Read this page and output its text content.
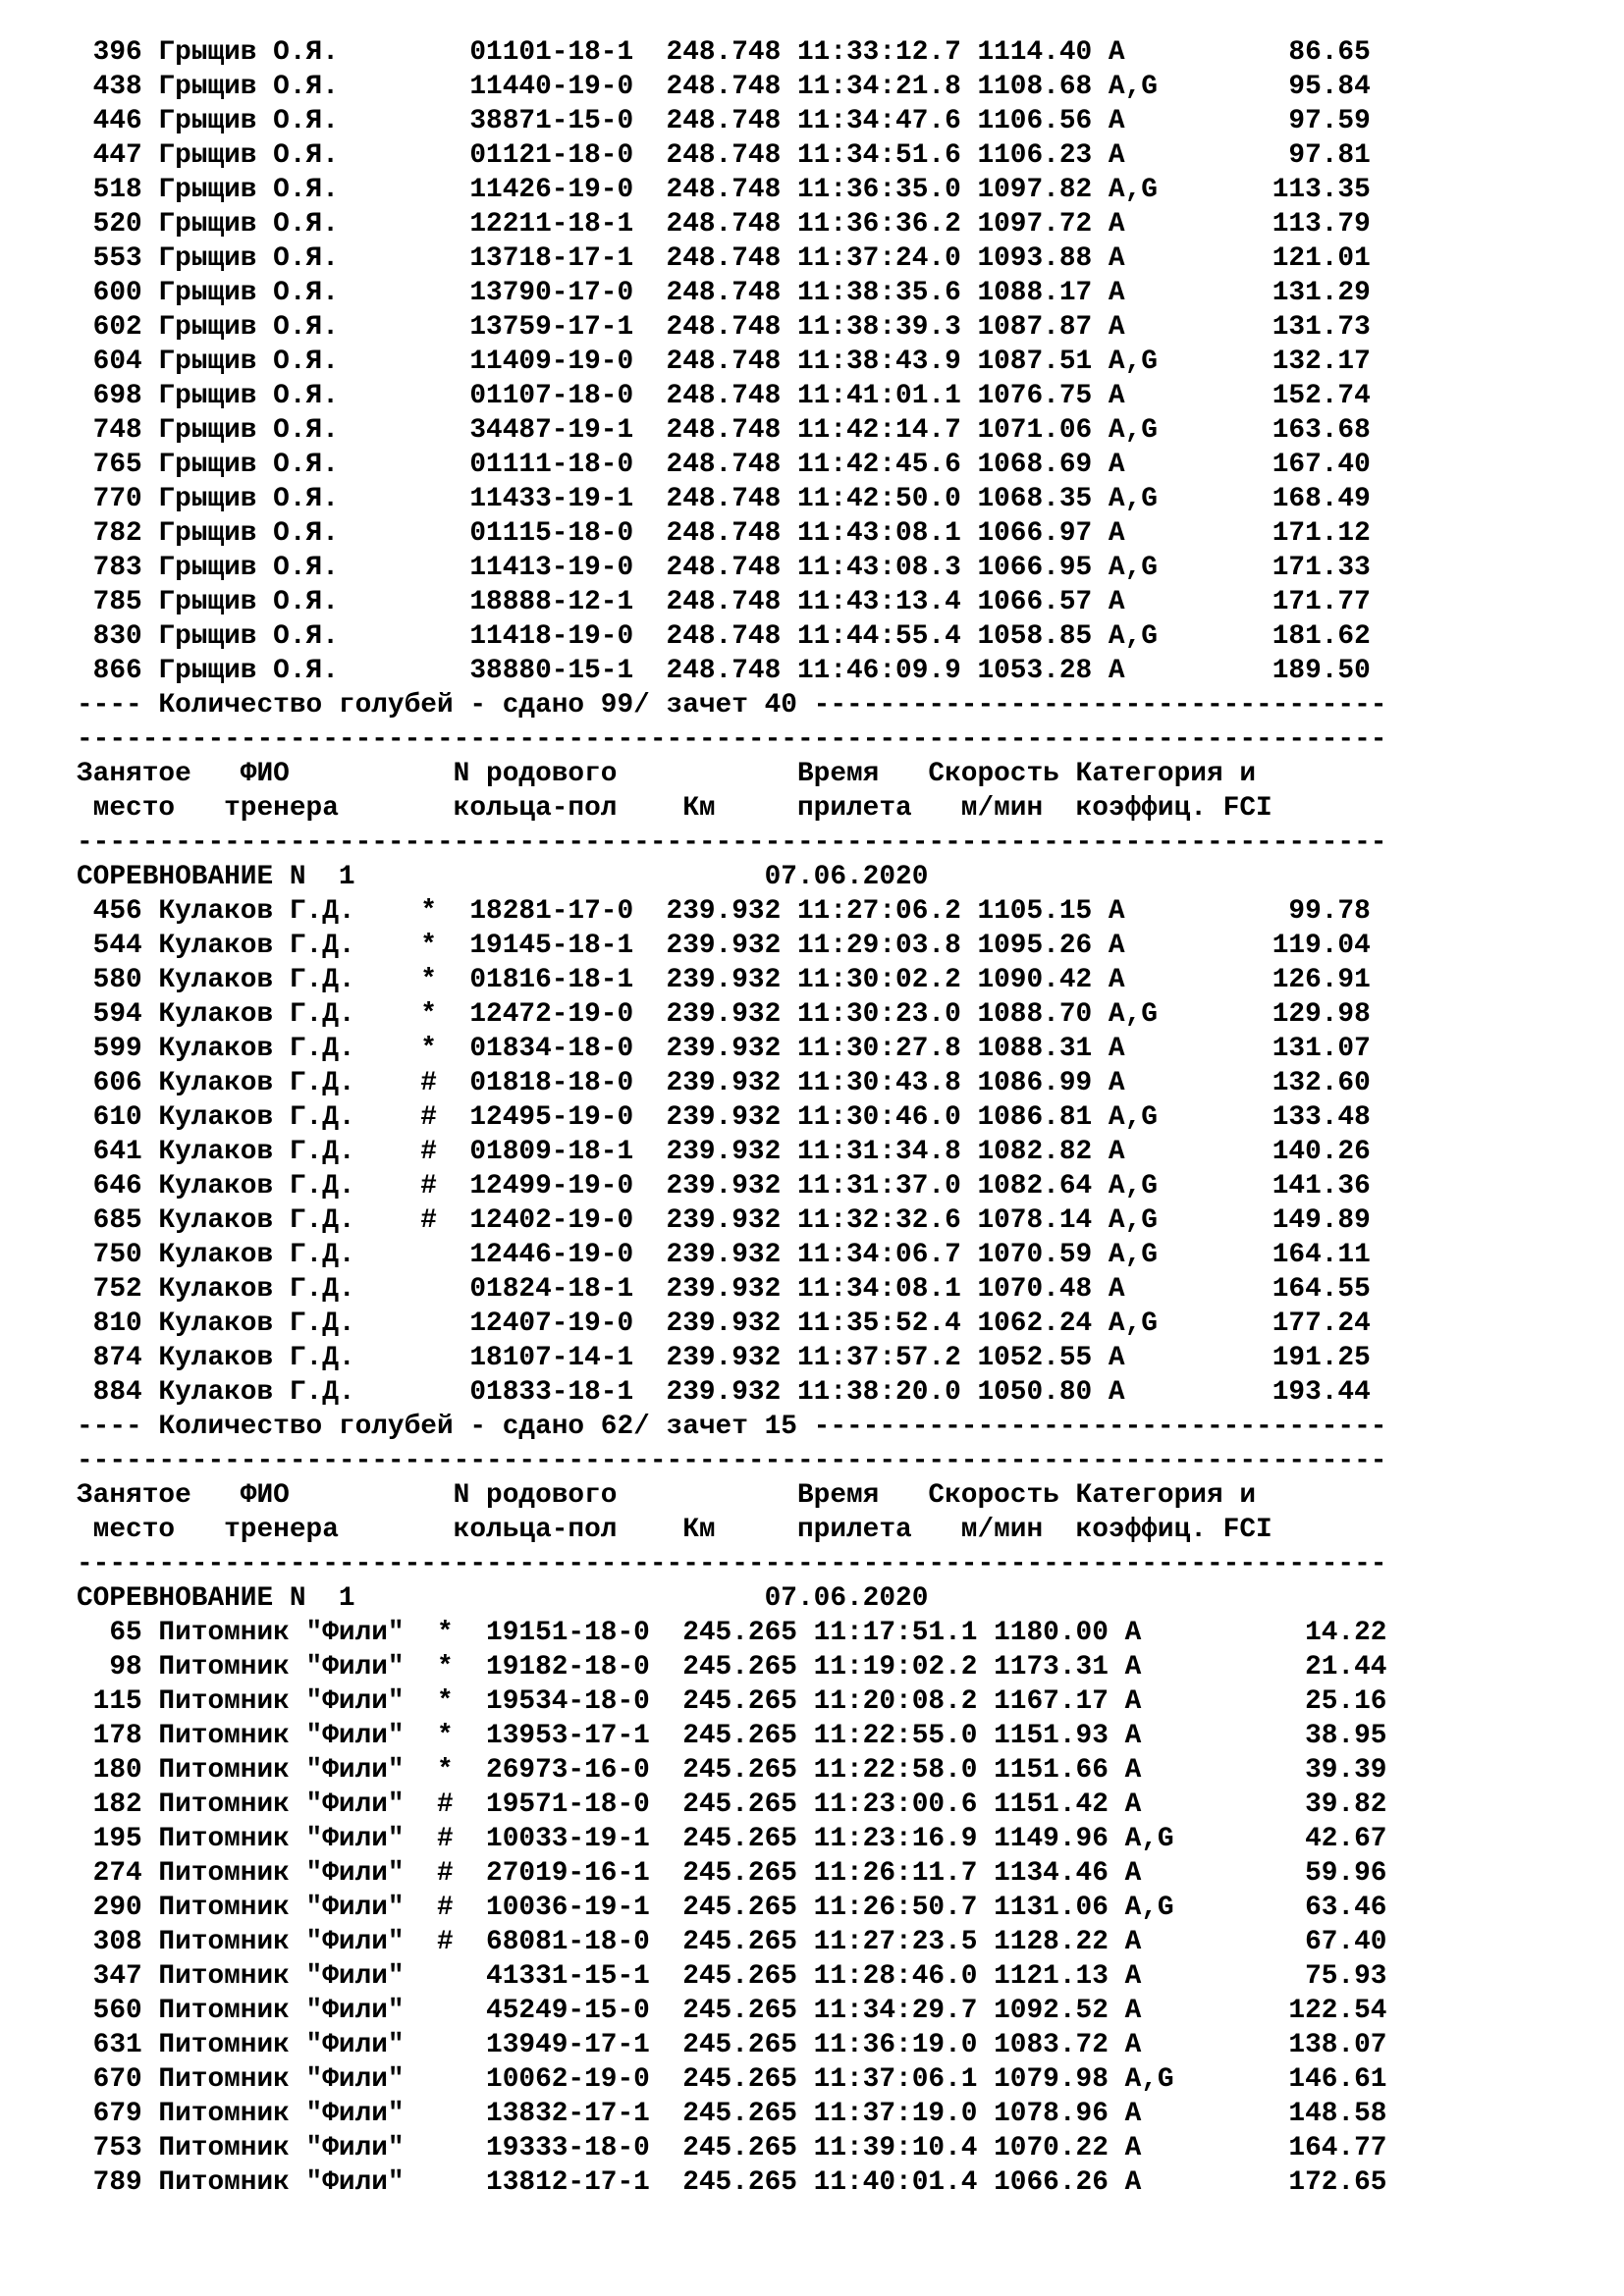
396 Грыщив О.Я.        01101-18-1  248.748 11:33:12.7 1114.40 A          86.65
438 Грыщив О.Я.        11440-19-0  248.748 11:34:21.8 1108.68 A,G        95.84
446 Грыщив О.Я.        38871-15-0  248.748 11:34:47.6 1106.56 A          97.59
447 Грыщив О.Я.        01121-18-0  248.748 11:34:51.6 1106.23 A          97.81
518 Грыщив О.Я.        11426-19-0  248.748 11:36:35.0 1097.82 A,G       113.35
520 Грыщив О.Я.        12211-18-1  248.748 11:36:36.2 1097.72 A         113.79
553 Грыщив О.Я.        13718-17-1  248.748 11:37:24.0 1093.88 A         121.01
600 Грыщив О.Я.        13790-17-0  248.748 11:38:35.6 1088.17 A         131.29
602 Грыщив О.Я.        13759-17-1  248.748 11:38:39.3 1087.87 A         131.73
604 Грыщив О.Я.        11409-19-0  248.748 11:38:43.9 1087.51 A,G       132.17
698 Грыщив О.Я.        01107-18-0  248.748 11:41:01.1 1076.75 A         152.74
748 Грыщив О.Я.        34487-19-1  248.748 11:42:14.7 1071.06 A,G       163.68
765 Грыщив О.Я.        01111-18-0  248.748 11:42:45.6 1068.69 A         167.40
770 Грыщив О.Я.        11433-19-1  248.748 11:42:50.0 1068.35 A,G       168.49
782 Грыщив О.Я.        01115-18-0  248.748 11:43:08.1 1066.97 A         171.12
783 Грыщив О.Я.        11413-19-0  248.748 11:43:08.3 1066.95 A,G       171.33
785 Грыщив О.Я.        18888-12-1  248.748 11:43:13.4 1066.57 A         171.77
830 Грыщив О.Я.        11418-19-0  248.748 11:44:55.4 1058.85 A,G       181.62
866 Грыщив О.Я.        38880-15-1  248.748 11:46:09.9 1053.28 A         189.50
---- Количество голубей - сдано 99/ зачет 40 -----------------------------------
--------------------------------------------------------------------------------
Занятое   ФИО          N родового           Время   Скорость Категория и
место   тренера       кольца-пол    Км     прилета   м/мин  коэффиц. FCI
--------------------------------------------------------------------------------
СОРЕВНОВАНИЕ N  1                         07.06.2020
456 Кулаков Г.Д.    *  18281-17-0  239.932 11:27:06.2 1105.15 A          99.78
544 Кулаков Г.Д.    *  19145-18-1  239.932 11:29:03.8 1095.26 A         119.04
580 Кулаков Г.Д.    *  01816-18-1  239.932 11:30:02.2 1090.42 A         126.91
594 Кулаков Г.Д.    *  12472-19-0  239.932 11:30:23.0 1088.70 A,G       129.98
599 Кулаков Г.Д.    *  01834-18-0  239.932 11:30:27.8 1088.31 A         131.07
606 Кулаков Г.Д.    #  01818-18-0  239.932 11:30:43.8 1086.99 A         132.60
610 Кулаков Г.Д.    #  12495-19-0  239.932 11:30:46.0 1086.81 A,G       133.48
641 Кулаков Г.Д.    #  01809-18-1  239.932 11:31:34.8 1082.82 A         140.26
646 Кулаков Г.Д.    #  12499-19-0  239.932 11:31:37.0 1082.64 A,G       141.36
685 Кулаков Г.Д.    #  12402-19-0  239.932 11:32:32.6 1078.14 A,G       149.89
750 Кулаков Г.Д.       12446-19-0  239.932 11:34:06.7 1070.59 A,G       164.11
752 Кулаков Г.Д.       01824-18-1  239.932 11:34:08.1 1070.48 A         164.55
810 Кулаков Г.Д.       12407-19-0  239.932 11:35:52.4 1062.24 A,G       177.24
874 Кулаков Г.Д.       18107-14-1  239.932 11:37:57.2 1052.55 A         191.25
884 Кулаков Г.Д.       01833-18-1  239.932 11:38:20.0 1050.80 A         193.44
---- Количество голубей - сдано 62/ зачет 15 -----------------------------------
--------------------------------------------------------------------------------
Занятое   ФИО          N родового           Время   Скорость Категория и
место   тренера       кольца-пол    Км     прилета   м/мин  коэффиц. FCI
--------------------------------------------------------------------------------
СОРЕВНОВАНИЕ N  1                         07.06.2020
65 Питомник "Фили"  *  19151-18-0  245.265 11:17:51.1 1180.00 A          14.22
98 Питомник "Фили"  *  19182-18-0  245.265 11:19:02.2 1173.31 A          21.44
115 Питомник "Фили"  *  19534-18-0  245.265 11:20:08.2 1167.17 A          25.16
178 Питомник "Фили"  *  13953-17-1  245.265 11:22:55.0 1151.93 A          38.95
180 Питомник "Фили"  *  26973-16-0  245.265 11:22:58.0 1151.66 A          39.39
182 Питомник "Фили"  #  19571-18-0  245.265 11:23:00.6 1151.42 A          39.82
195 Питомник "Фили"  #  10033-19-1  245.265 11:23:16.9 1149.96 A,G        42.67
274 Питомник "Фили"  #  27019-16-1  245.265 11:26:11.7 1134.46 A          59.96
290 Питомник "Фили"  #  10036-19-1  245.265 11:26:50.7 1131.06 A,G        63.46
308 Питомник "Фили"  #  68081-18-0  245.265 11:27:23.5 1128.22 A          67.40
347 Питомник "Фили"     41331-15-1  245.265 11:28:46.0 1121.13 A          75.93
560 Питомник "Фили"     45249-15-0  245.265 11:34:29.7 1092.52 A         122.54
631 Питомник "Фили"     13949-17-1  245.265 11:36:19.0 1083.72 A         138.07
670 Питомник "Фили"     10062-19-0  245.265 11:37:06.1 1079.98 A,G       146.61
679 Питомник "Фили"     13832-17-1  245.265 11:37:19.0 1078.96 A         148.58
753 Питомник "Фили"     19333-18-0  245.265 11:39:10.4 1070.22 A         164.77
789 Питомник "Фили"     13812-17-1  245.265 11:40:01.4 1066.26 A         172.65
